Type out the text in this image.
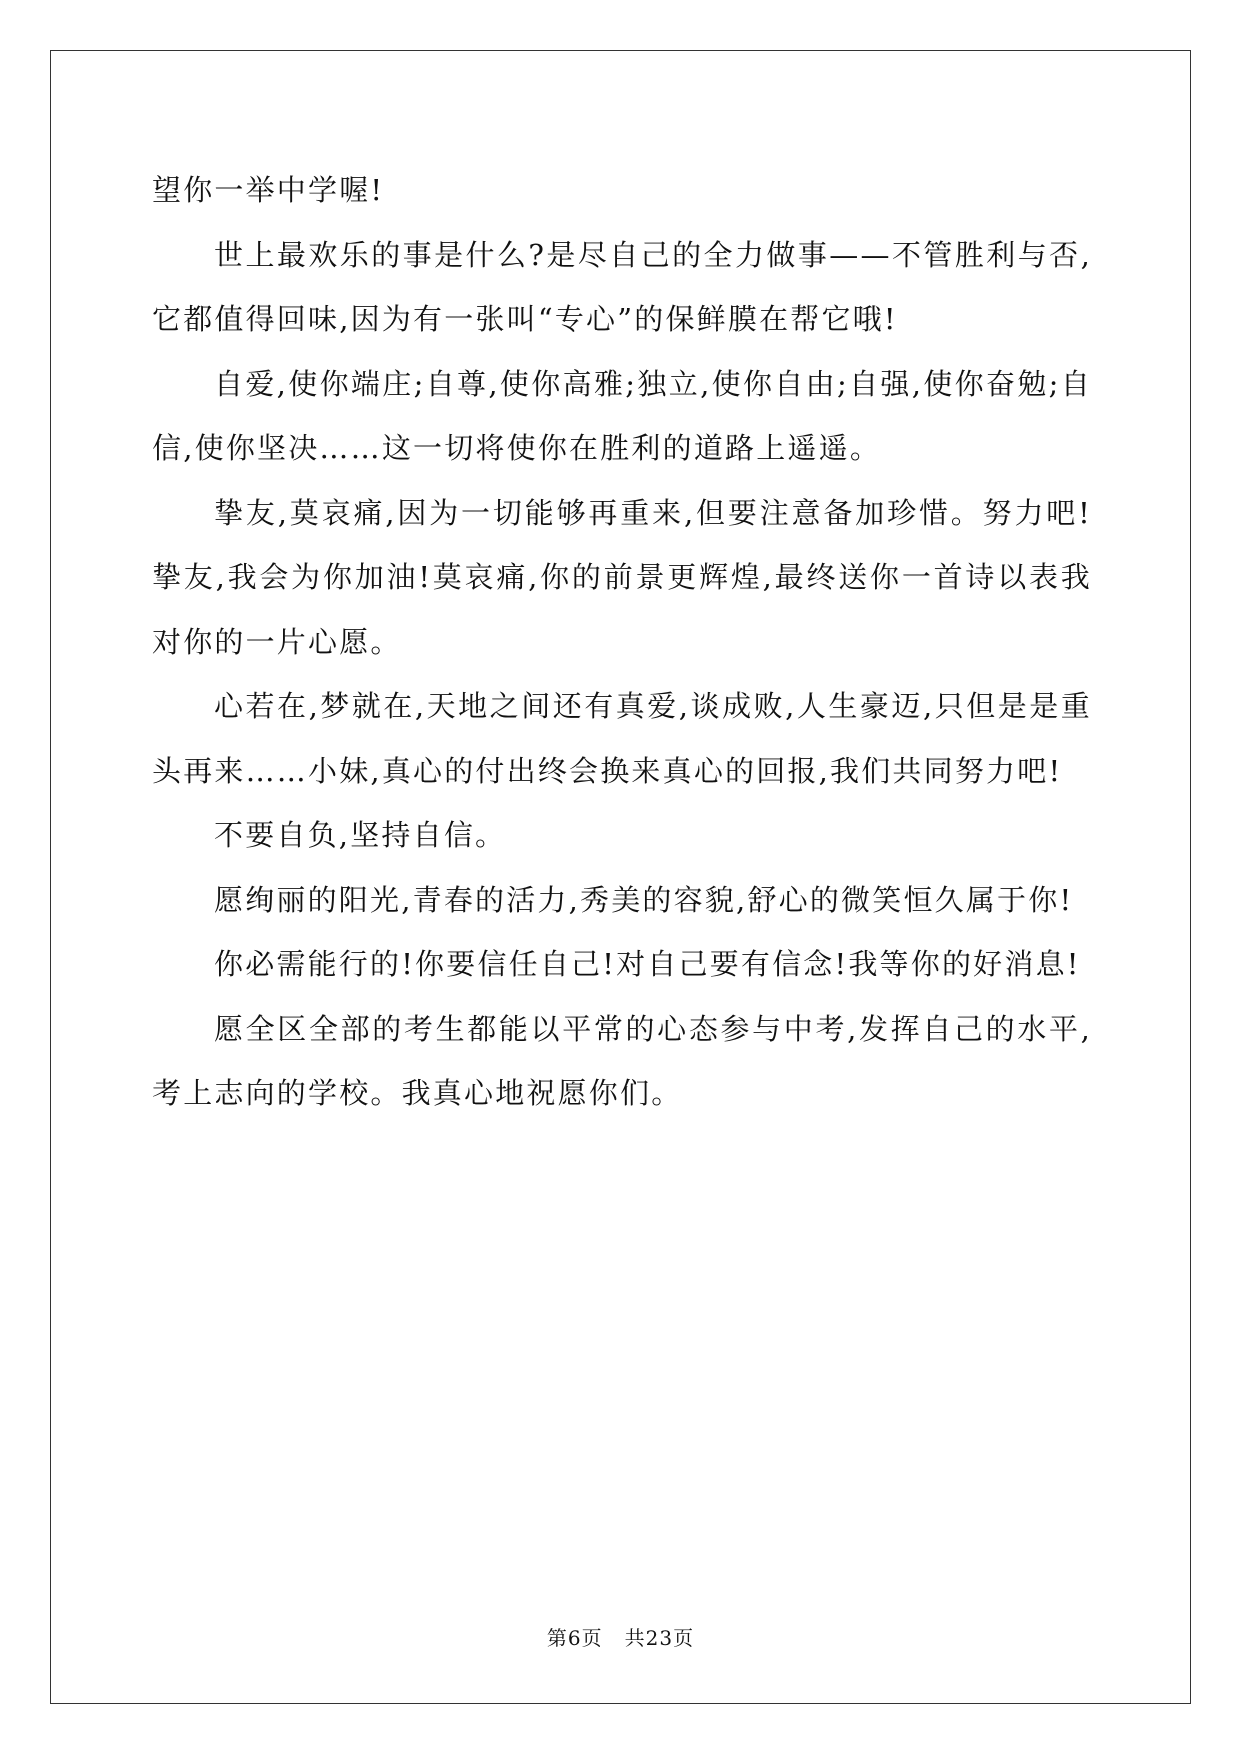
望你一举中学喔!

世上最欢乐的事是什么?是尽自己的全力做事——不管胜利与否,它都值得回味,因为有一张叫“专心”的保鲜膜在帮它哦!

自爱,使你端庄;自尊,使你高雅;独立,使你自由;自强,使你奋勉;自信,使你坚决……这一切将使你在胜利的道路上遥遥。

挚友,莫哀痛,因为一切能够再重来,但要注意备加珍惜。努力吧!挚友,我会为你加油!莫哀痛,你的前景更辉煌,最终送你一首诗以表我对你的一片心愿。

心若在,梦就在,天地之间还有真爱,谈成败,人生豪迈,只但是是重头再来……小妹,真心的付出终会换来真心的回报,我们共同努力吧!

不要自负,坚持自信。

愿绚丽的阳光,青春的活力,秀美的容貌,舒心的微笑恒久属于你!

你必需能行的!你要信任自己!对自己要有信念!我等你的好消息!

愿全区全部的考生都能以平常的心态参与中考,发挥自己的水平,考上志向的学校。我真心地祝愿你们。

第6页 共23页
